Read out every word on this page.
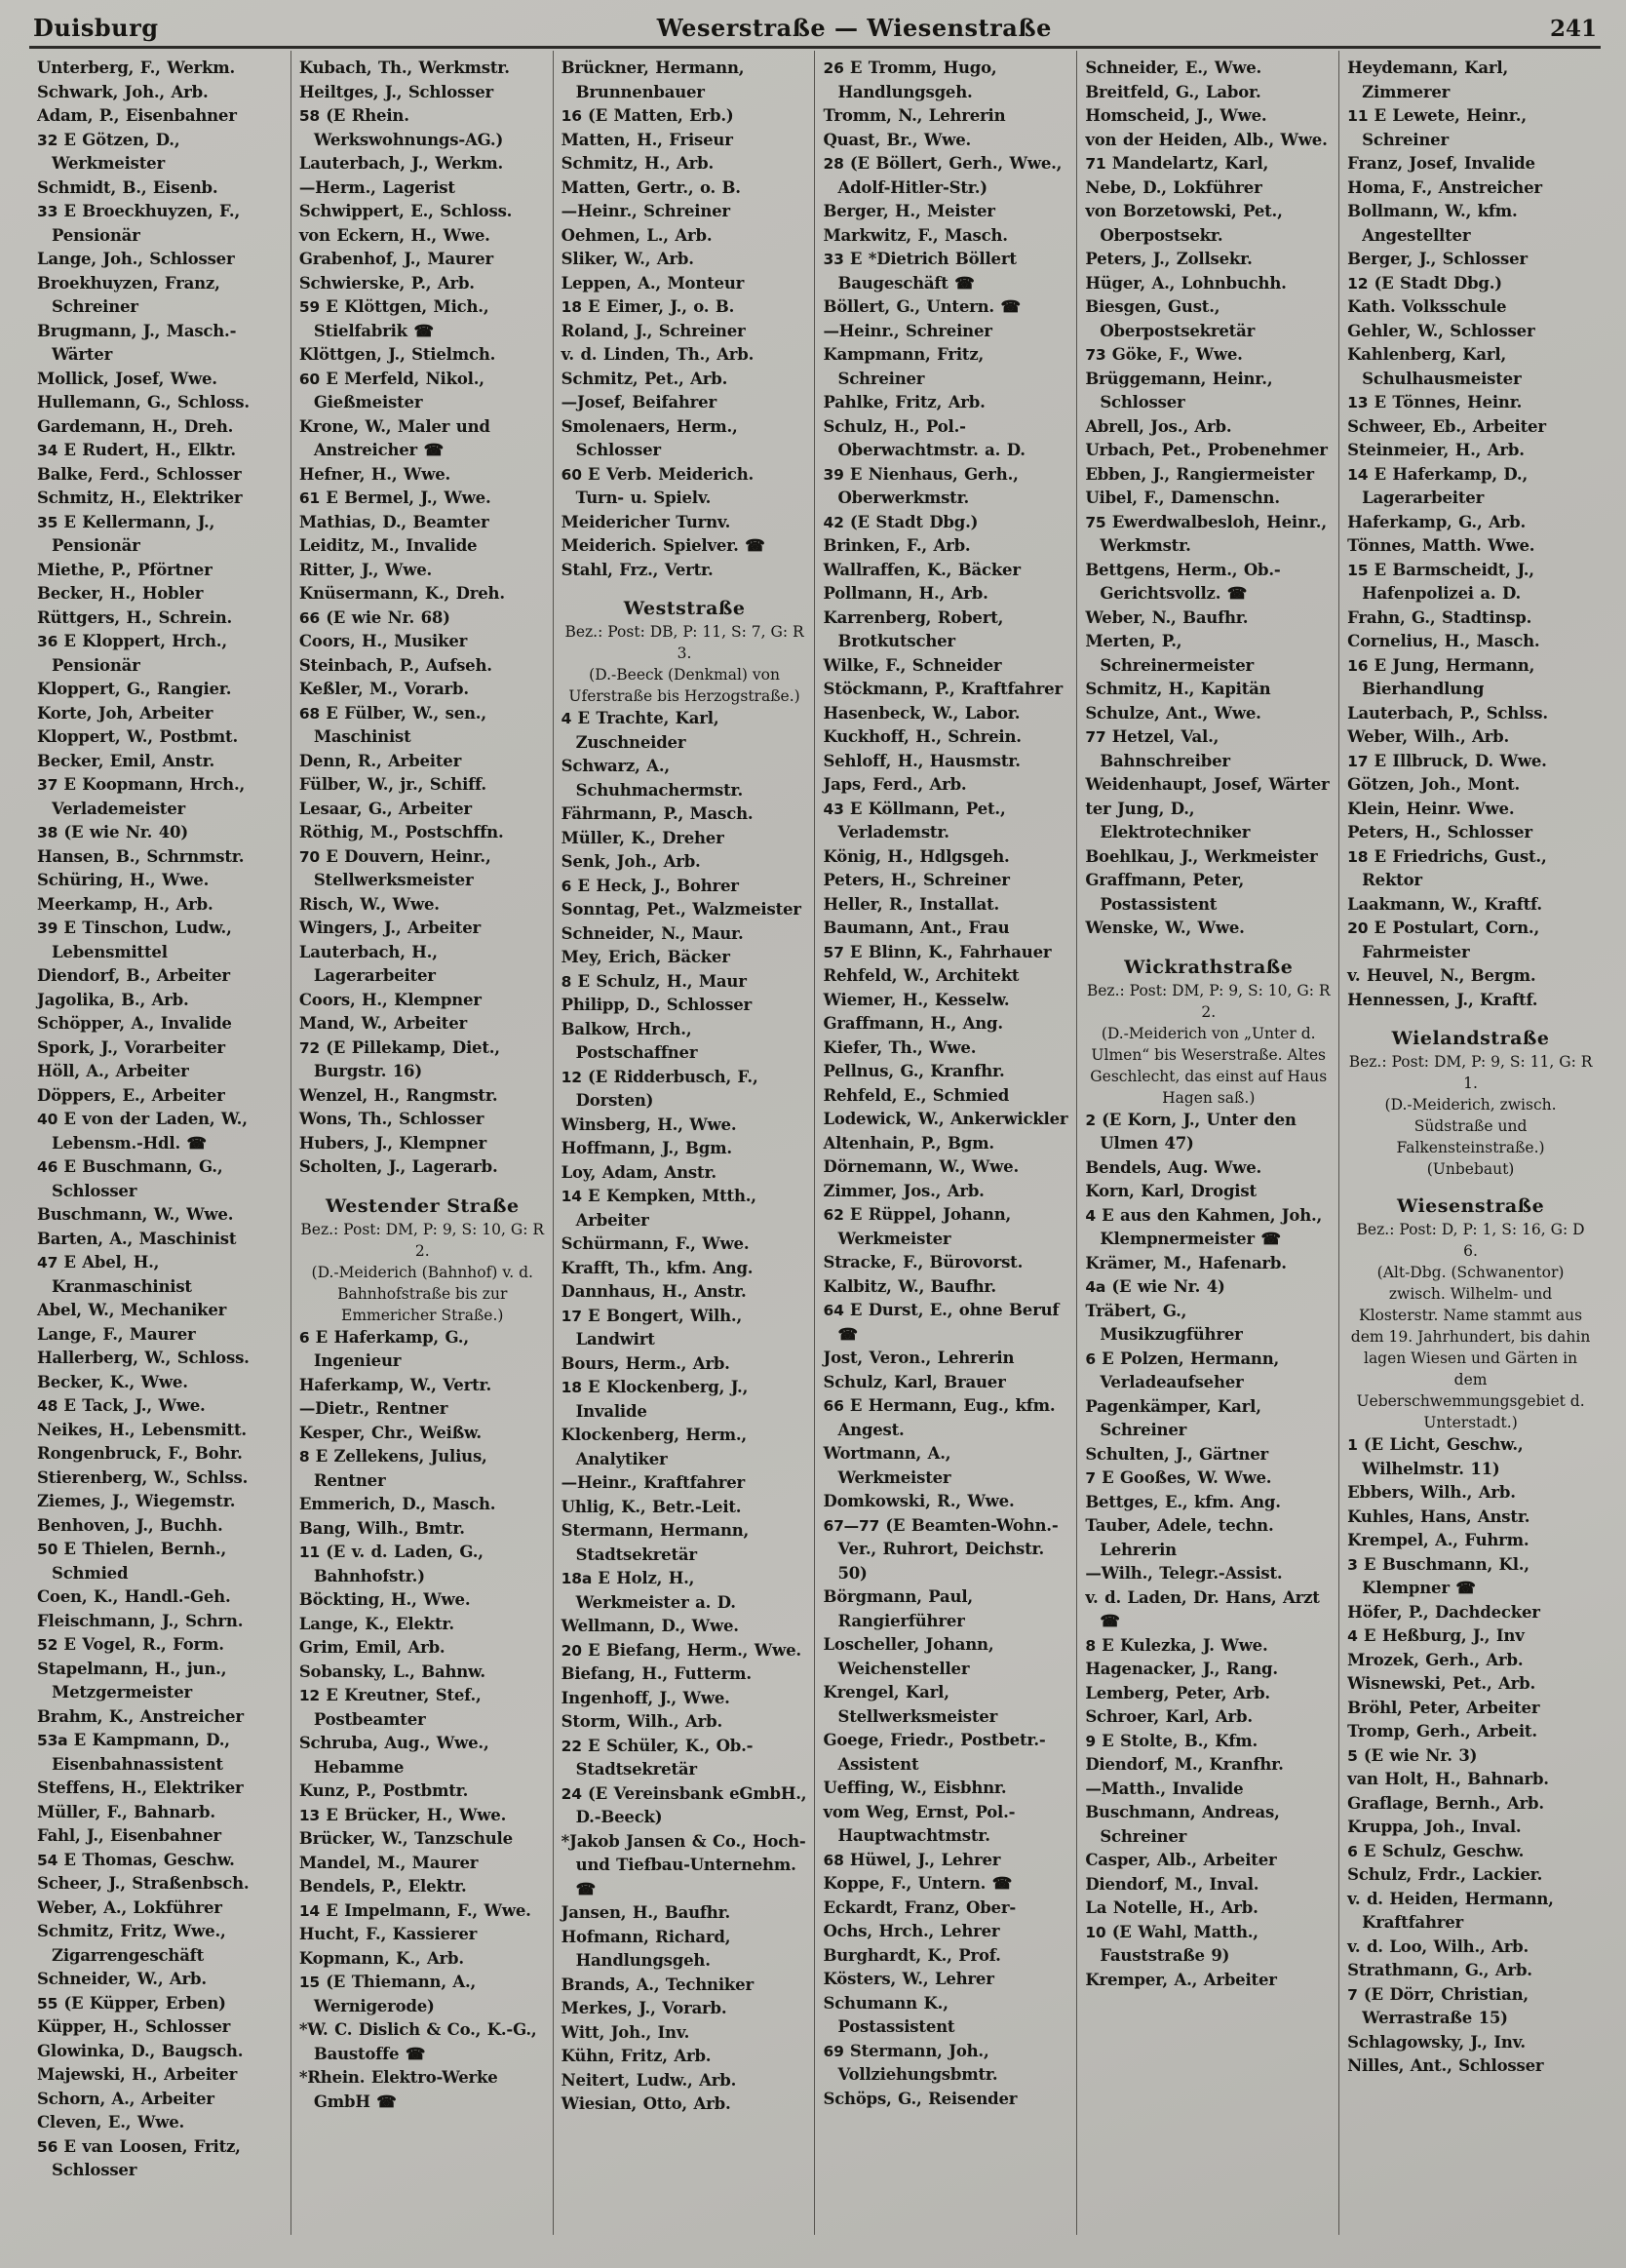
Duisburg	Weserstraße — Wiesenstraße	241

Unterberg, F., Werkm.

Schwark, Joh., Arb.

Adam, P., Eisenbahner

32 E Götzen, D., Werkmeister

Schmidt, B., Eisenb.

33 E Broeckhuyzen, F., Pensionär

Lange, Joh., Schlosser

Broekhuyzen, Franz, Schreiner

Brugmann, J., Masch.-Wärter

Mollick, Josef, Wwe.

Hullemann, G., Schloss.

Gardemann, H., Dreh.

34 E Rudert, H., Elktr.

Balke, Ferd., Schlosser

Schmitz, H., Elektriker

35 E Kellermann, J., Pensionär

Miethe, P., Pförtner

Becker, H., Hobler

Rüttgers, H., Schrein.

36 E Kloppert, Hrch., Pensionär

Kloppert, G., Rangier.

Korte, Joh, Arbeiter

Kloppert, W., Postbmt.

Becker, Emil, Anstr.

37 E Koopmann, Hrch., Verlademeister

38 (E wie Nr. 40)

Hansen, B., Schrnmstr.

Schüring, H., Wwe.

Meerkamp, H., Arb.

39 E Tinschon, Ludw., Lebensmittel

Diendorf, B., Arbeiter

Jagolika, B., Arb.

Schöpper, A., Invalide

Spork, J., Vorarbeiter

Höll, A., Arbeiter

Döppers, E., Arbeiter

40 E von der Laden, W., Lebensm.-Hdl. ☎

46 E Buschmann, G., Schlosser

Buschmann, W., Wwe.

Barten, A., Maschinist

47 E Abel, H., Kranmaschinist

Abel, W., Mechaniker

Lange, F., Maurer

Hallerberg, W., Schloss.

Becker, K., Wwe.

48 E Tack, J., Wwe.

Neikes, H., Lebensmitt.

Rongenbruck, F., Bohr.

Stierenberg, W., Schlss.

Ziemes, J., Wiegemstr.

Benhoven, J., Buchh.

50 E Thielen, Bernh., Schmied

Coen, K., Handl.-Geh.

Fleischmann, J., Schrn.

52 E Vogel, R., Form.

Stapelmann, H., jun., Metzgermeister

Brahm, K., Anstreicher

53a E Kampmann, D., Eisenbahnassistent

Steffens, H., Elektriker

Müller, F., Bahnarb.

Fahl, J., Eisenbahner

54 E Thomas, Geschw.

Scheer, J., Straßenbsch.

Weber, A., Lokführer

Schmitz, Fritz, Wwe., Zigarrengeschäft

Schneider, W., Arb.

55 (E Küpper, Erben)

Küpper, H., Schlosser

Glowinka, D., Baugsch.

Majewski, H., Arbeiter

Schorn, A., Arbeiter

Cleven, E., Wwe.

56 E van Loosen, Fritz, Schlosser

Kubach, Th., Werkmstr.

Heiltges, J., Schlosser

58 (E Rhein. Werkswohnungs-AG.)

Lauterbach, J., Werkm.

—Herm., Lagerist

Schwippert, E., Schloss.

von Eckern, H., Wwe.

Grabenhof, J., Maurer

Schwierske, P., Arb.

59 E Klöttgen, Mich., Stielfabrik ☎

Klöttgen, J., Stielmch.

60 E Merfeld, Nikol., Gießmeister

Krone, W., Maler und Anstreicher ☎

Hefner, H., Wwe.

61 E Bermel, J., Wwe.

Mathias, D., Beamter

Leiditz, M., Invalide

Ritter, J., Wwe.

Knüsermann, K., Dreh.

66 (E wie Nr. 68)

Coors, H., Musiker

Steinbach, P., Aufseh.

Keßler, M., Vorarb.

68 E Fülber, W., sen., Maschinist

Denn, R., Arbeiter

Fülber, W., jr., Schiff.

Lesaar, G., Arbeiter

Röthig, M., Postschffn.

70 E Douvern, Heinr., Stellwerksmeister

Risch, W., Wwe.

Wingers, J., Arbeiter

Lauterbach, H., Lagerarbeiter

Coors, H., Klempner

Mand, W., Arbeiter

72 (E Pillekamp, Diet., Burgstr. 16)

Wenzel, H., Rangmstr.

Wons, Th., Schlosser

Hubers, J., Klempner

Scholten, J., Lagerarb.

Westender Straße

Bez.: Post: DM, P: 9, S: 10, G: R 2.

(D.-Meiderich (Bahnhof) v. d. Bahnhofstraße bis zur Emmericher Straße.)

6 E Haferkamp, G., Ingenieur

Haferkamp, W., Vertr.

—Dietr., Rentner

Kesper, Chr., Weißw.

8 E Zellekens, Julius, Rentner

Emmerich, D., Masch.

Bang, Wilh., Bmtr.

11 (E v. d. Laden, G., Bahnhofstr.)

Böckting, H., Wwe.

Lange, K., Elektr.

Grim, Emil, Arb.

Sobansky, L., Bahnw.

12 E Kreutner, Stef., Postbeamter

Schruba, Aug., Wwe., Hebamme

Kunz, P., Postbmtr.

13 E Brücker, H., Wwe.

Brücker, W., Tanzschule

Mandel, M., Maurer

Bendels, P., Elektr.

14 E Impelmann, F., Wwe.

Hucht, F., Kassierer

Kopmann, K., Arb.

15 (E Thiemann, A., Wernigerode)

*W. C. Dislich & Co., K.-G., Baustoffe ☎

*Rhein. Elektro-Werke GmbH ☎

Brückner, Hermann, Brunnenbauer

16 (E Matten, Erb.)

Matten, H., Friseur

Schmitz, H., Arb.

Matten, Gertr., o. B.

—Heinr., Schreiner

Oehmen, L., Arb.

Sliker, W., Arb.

Leppen, A., Monteur

18 E Eimer, J., o. B.

Roland, J., Schreiner

v. d. Linden, Th., Arb.

Schmitz, Pet., Arb.

—Josef, Beifahrer

Smolenaers, Herm., Schlosser

60 E Verb. Meiderich. Turn- u. Spielv.

Meidericher Turnv.

Meiderich. Spielver. ☎

Stahl, Frz., Vertr.

Weststraße

Bez.: Post: DB, P: 11, S: 7, G: R 3.

(D.-Beeck (Denkmal) von Uferstraße bis Herzogstraße.)

4 E Trachte, Karl, Zuschneider

Schwarz, A., Schuhmachermstr.

Fährmann, P., Masch.

Müller, K., Dreher

Senk, Joh., Arb.

6 E Heck, J., Bohrer

Sonntag, Pet., Walzmeister

Schneider, N., Maur.

Mey, Erich, Bäcker

8 E Schulz, H., Maur

Philipp, D., Schlosser

Balkow, Hrch., Postschaffner

12 (E Ridderbusch, F., Dorsten)

Winsberg, H., Wwe.

Hoffmann, J., Bgm.

Loy, Adam, Anstr.

14 E Kempken, Mtth., Arbeiter

Schürmann, F., Wwe.

Krafft, Th., kfm. Ang.

Dannhaus, H., Anstr.

17 E Bongert, Wilh., Landwirt

Bours, Herm., Arb.

18 E Klockenberg, J., Invalide

Klockenberg, Herm., Analytiker

—Heinr., Kraftfahrer

Uhlig, K., Betr.-Leit.

Stermann, Hermann, Stadtsekretär

18a E Holz, H., Werkmeister a. D.

Wellmann, D., Wwe.

20 E Biefang, Herm., Wwe.

Biefang, H., Futterm.

Ingenhoff, J., Wwe.

Storm, Wilh., Arb.

22 E Schüler, K., Ob.-Stadtsekretär

24 (E Vereinsbank eGmbH., D.-Beeck)

*Jakob Jansen & Co., Hoch- und Tiefbau-Unternehm. ☎

Jansen, H., Baufhr.

Hofmann, Richard, Handlungsgeh.

Brands, A., Techniker

Merkes, J., Vorarb.

Witt, Joh., Inv.

Kühn, Fritz, Arb.

Neitert, Ludw., Arb.

Wiesian, Otto, Arb.

26 E Tromm, Hugo, Handlungsgeh.

Tromm, N., Lehrerin

Quast, Br., Wwe.

28 (E Böllert, Gerh., Wwe., Adolf-Hitler-Str.)

Berger, H., Meister

Markwitz, F., Masch.

33 E *Dietrich Böllert Baugeschäft ☎

Böllert, G., Untern. ☎

—Heinr., Schreiner

Kampmann, Fritz, Schreiner

Pahlke, Fritz, Arb.

Schulz, H., Pol.-Oberwachtmstr. a. D.

39 E Nienhaus, Gerh., Oberwerkmstr.

42 (E Stadt Dbg.)

Brinken, F., Arb.

Wallraffen, K., Bäcker

Pollmann, H., Arb.

Karrenberg, Robert, Brotkutscher

Wilke, F., Schneider

Stöckmann, P., Kraftfahrer

Hasenbeck, W., Labor.

Kuckhoff, H., Schrein.

Sehloff, H., Hausmstr.

Japs, Ferd., Arb.

43 E Köllmann, Pet., Verlademstr.

König, H., Hdlgsgeh.

Peters, H., Schreiner

Heller, R., Installat.

Baumann, Ant., Frau

57 E Blinn, K., Fahrhauer

Rehfeld, W., Architekt

Wiemer, H., Kesselw.

Graffmann, H., Ang.

Kiefer, Th., Wwe.

Pellnus, G., Kranfhr.

Rehfeld, E., Schmied

Lodewick, W., Ankerwickler

Altenhain, P., Bgm.

Dörnemann, W., Wwe.

Zimmer, Jos., Arb.

62 E Rüppel, Johann, Werkmeister

Stracke, F., Bürovorst.

Kalbitz, W., Baufhr.

64 E Durst, E., ohne Beruf ☎

Jost, Veron., Lehrerin

Schulz, Karl, Brauer

66 E Hermann, Eug., kfm. Angest.

Wortmann, A., Werkmeister

Domkowski, R., Wwe.

67—77 (E Beamten-Wohn.-Ver., Ruhrort, Deichstr. 50)

Börgmann, Paul, Rangierführer

Loscheller, Johann, Weichensteller

Krengel, Karl, Stellwerksmeister

Goege, Friedr., Postbetr.-Assistent

Ueffing, W., Eisbhnr.

vom Weg, Ernst, Pol.-Hauptwachtmstr.

68 Hüwel, J., Lehrer

Koppe, F., Untern. ☎

Eckardt, Franz, Ober-

Ochs, Hrch., Lehrer

Burghardt, K., Prof.

Kösters, W., Lehrer

Schumann K., Postassistent

69 Stermann, Joh., Vollziehungsbmtr.

Schöps, G., Reisender

Schneider, E., Wwe.

Breitfeld, G., Labor.

Homscheid, J., Wwe.

von der Heiden, Alb., Wwe.

71 Mandelartz, Karl,

Nebe, D., Lokführer

von Borzetowski, Pet., Oberpostsekr.

Peters, J., Zollsekr.

Hüger, A., Lohnbuchh.

Biesgen, Gust., Oberpostsekretär

73 Göke, F., Wwe.

Brüggemann, Heinr., Schlosser

Abrell, Jos., Arb.

Urbach, Pet., Probenehmer

Ebben, J., Rangiermeister

Uibel, F., Damenschn.

75 Ewerdwalbesloh, Heinr., Werkmstr.

Bettgens, Herm., Ob.-Gerichtsvollz. ☎

Weber, N., Baufhr.

Merten, P., Schreinermeister

Schmitz, H., Kapitän

Schulze, Ant., Wwe.

77 Hetzel, Val., Bahnschreiber

Weidenhaupt, Josef, Wärter

ter Jung, D., Elektrotechniker

Boehlkau, J., Werkmeister

Graffmann, Peter, Postassistent

Wenske, W., Wwe.

Wickrathstraße

Bez.: Post: DM, P: 9, S: 10, G: R 2.

(D.-Meiderich von „Unter d. Ulmen“ bis Weserstraße. Altes Geschlecht, das einst auf Haus Hagen saß.)

2 (E Korn, J., Unter den Ulmen 47)

Bendels, Aug. Wwe.

Korn, Karl, Drogist

4 E aus den Kahmen, Joh., Klempnermeister ☎

Krämer, M., Hafenarb.

4a (E wie Nr. 4)

Träbert, G., Musikzugführer

6 E Polzen, Hermann, Verladeaufseher

Pagenkämper, Karl, Schreiner

Schulten, J., Gärtner

7 E Gooßes, W. Wwe.

Bettges, E., kfm. Ang.

Tauber, Adele, techn. Lehrerin

—Wilh., Telegr.-Assist.

v. d. Laden, Dr. Hans, Arzt ☎

8 E Kulezka, J. Wwe.

Hagenacker, J., Rang.

Lemberg, Peter, Arb.

Schroer, Karl, Arb.

9 E Stolte, B., Kfm.

Diendorf, M., Kranfhr.

—Matth., Invalide

Buschmann, Andreas, Schreiner

Casper, Alb., Arbeiter

Diendorf, M., Inval.

La Notelle, H., Arb.

10 (E Wahl, Matth., Fauststraße 9)

Kremper, A., Arbeiter

Heydemann, Karl, Zimmerer

11 E Lewete, Heinr., Schreiner

Franz, Josef, Invalide

Homa, F., Anstreicher

Bollmann, W., kfm. Angestellter

Berger, J., Schlosser

12 (E Stadt Dbg.)

Kath. Volksschule

Gehler, W., Schlosser

Kahlenberg, Karl, Schulhausmeister

13 E Tönnes, Heinr.

Schweer, Eb., Arbeiter

Steinmeier, H., Arb.

14 E Haferkamp, D., Lagerarbeiter

Haferkamp, G., Arb.

Tönnes, Matth. Wwe.

15 E Barmscheidt, J., Hafenpolizei a. D.

Frahn, G., Stadtinsp.

Cornelius, H., Masch.

16 E Jung, Hermann, Bierhandlung

Lauterbach, P., Schlss.

Weber, Wilh., Arb.

17 E Illbruck, D. Wwe.

Götzen, Joh., Mont.

Klein, Heinr. Wwe.

Peters, H., Schlosser

18 E Friedrichs, Gust., Rektor

Laakmann, W., Kraftf.

20 E Postulart, Corn., Fahrmeister

v. Heuvel, N., Bergm.

Hennessen, J., Kraftf.

Wielandstraße

Bez.: Post: DM, P: 9, S: 11, G: R 1.

(D.-Meiderich, zwisch. Südstraße und Falkensteinstraße.)

(Unbebaut)

Wiesenstraße

Bez.: Post: D, P: 1, S: 16, G: D 6.

(Alt-Dbg. (Schwanentor) zwisch. Wilhelm- und Klosterstr. Name stammt aus dem 19. Jahrhundert, bis dahin lagen Wiesen und Gärten in dem Ueberschwemmungsgebiet d. Unterstadt.)

1 (E Licht, Geschw., Wilhelmstr. 11)

Ebbers, Wilh., Arb.

Kuhles, Hans, Anstr.

Krempel, A., Fuhrm.

3 E Buschmann, Kl., Klempner ☎

Höfer, P., Dachdecker

4 E Heßburg, J., Inv

Mrozek, Gerh., Arb.

Wisnewski, Pet., Arb.

Bröhl, Peter, Arbeiter

Tromp, Gerh., Arbeit.

5 (E wie Nr. 3)

van Holt, H., Bahnarb.

Graflage, Bernh., Arb.

Kruppa, Joh., Inval.

6 E Schulz, Geschw.

Schulz, Frdr., Lackier.

v. d. Heiden, Hermann, Kraftfahrer

v. d. Loo, Wilh., Arb.

Strathmann, G., Arb.

7 (E Dörr, Christian, Werrastraße 15)

Schlagowsky, J., Inv.

Nilles, Ant., Schlosser
